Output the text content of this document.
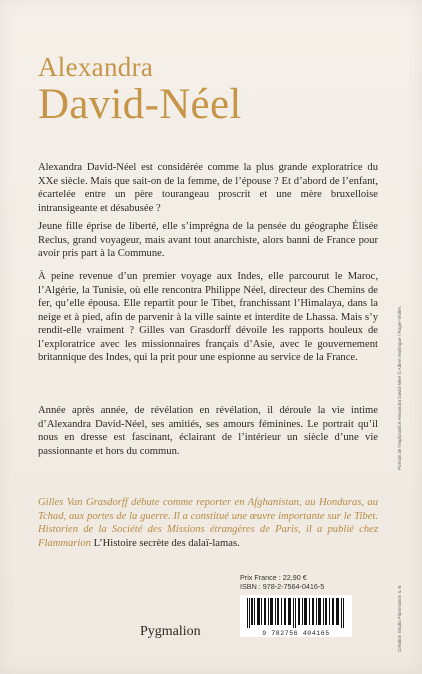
Alexandra
David-Néel
Alexandra David-Néel est considérée comme la plus grande exploratrice du XXe siècle. Mais que sait-on de la femme, de l’épouse ? Et d’abord de l’enfant, écartelée entre un père tourangeau proscrit et une mère bruxelloise intransigeante et désabusée ?
Jeune fille éprise de liberté, elle s’imprégna de la pensée du géographe Élisée Reclus, grand voyageur, mais avant tout anarchiste, alors banni de France pour avoir pris part à la Commune.
À peine revenue d’un premier voyage aux Indes, elle parcourut le Maroc, l’Algérie, la Tunisie, où elle rencontra Philippe Néel, directeur des Chemins de fer, qu’elle épousa. Elle repartit pour le Tibet, franchissant l’Himalaya, dans la neige et à pied, afin de parvenir à la ville sainte et interdite de Lhassa. Mais s’y rendit-elle vraiment ? Gilles van Grasdorff dévoile les rapports houleux de l’exploratrice avec les missionnaires français d’Asie, avec le gouvernement britannique des Indes, qui la prit pour une espionne au service de la France.
Année après année, de révélation en révélation, il déroule la vie intime d’Alexandra David-Néel, ses amitiés, ses amours féminines. Le portrait qu’il nous en dresse est fascinant, éclairant de l’intérieur un siècle d’une vie passionnante et hors du commun.
Gilles Van Grasdorff débute comme reporter en Afghanistan, au Honduras, au Tchad, aux portes de la guerre. Il a constitué une œuvre importante sur le Tibet. Historien de la Société des Missions étrangères de Paris, il a publié chez Flammarion L’Histoire secrète des dalaï-lamas.
Prix France : 22,90 €
ISBN : 978-2-7564-0416-5
9 782756 404165
Pygmalion
Portrait de l’exploratrice Alexandra David-Néel © Albert Harlingue / Roger-Viollet.
Création Studio Flammarion IL-8
